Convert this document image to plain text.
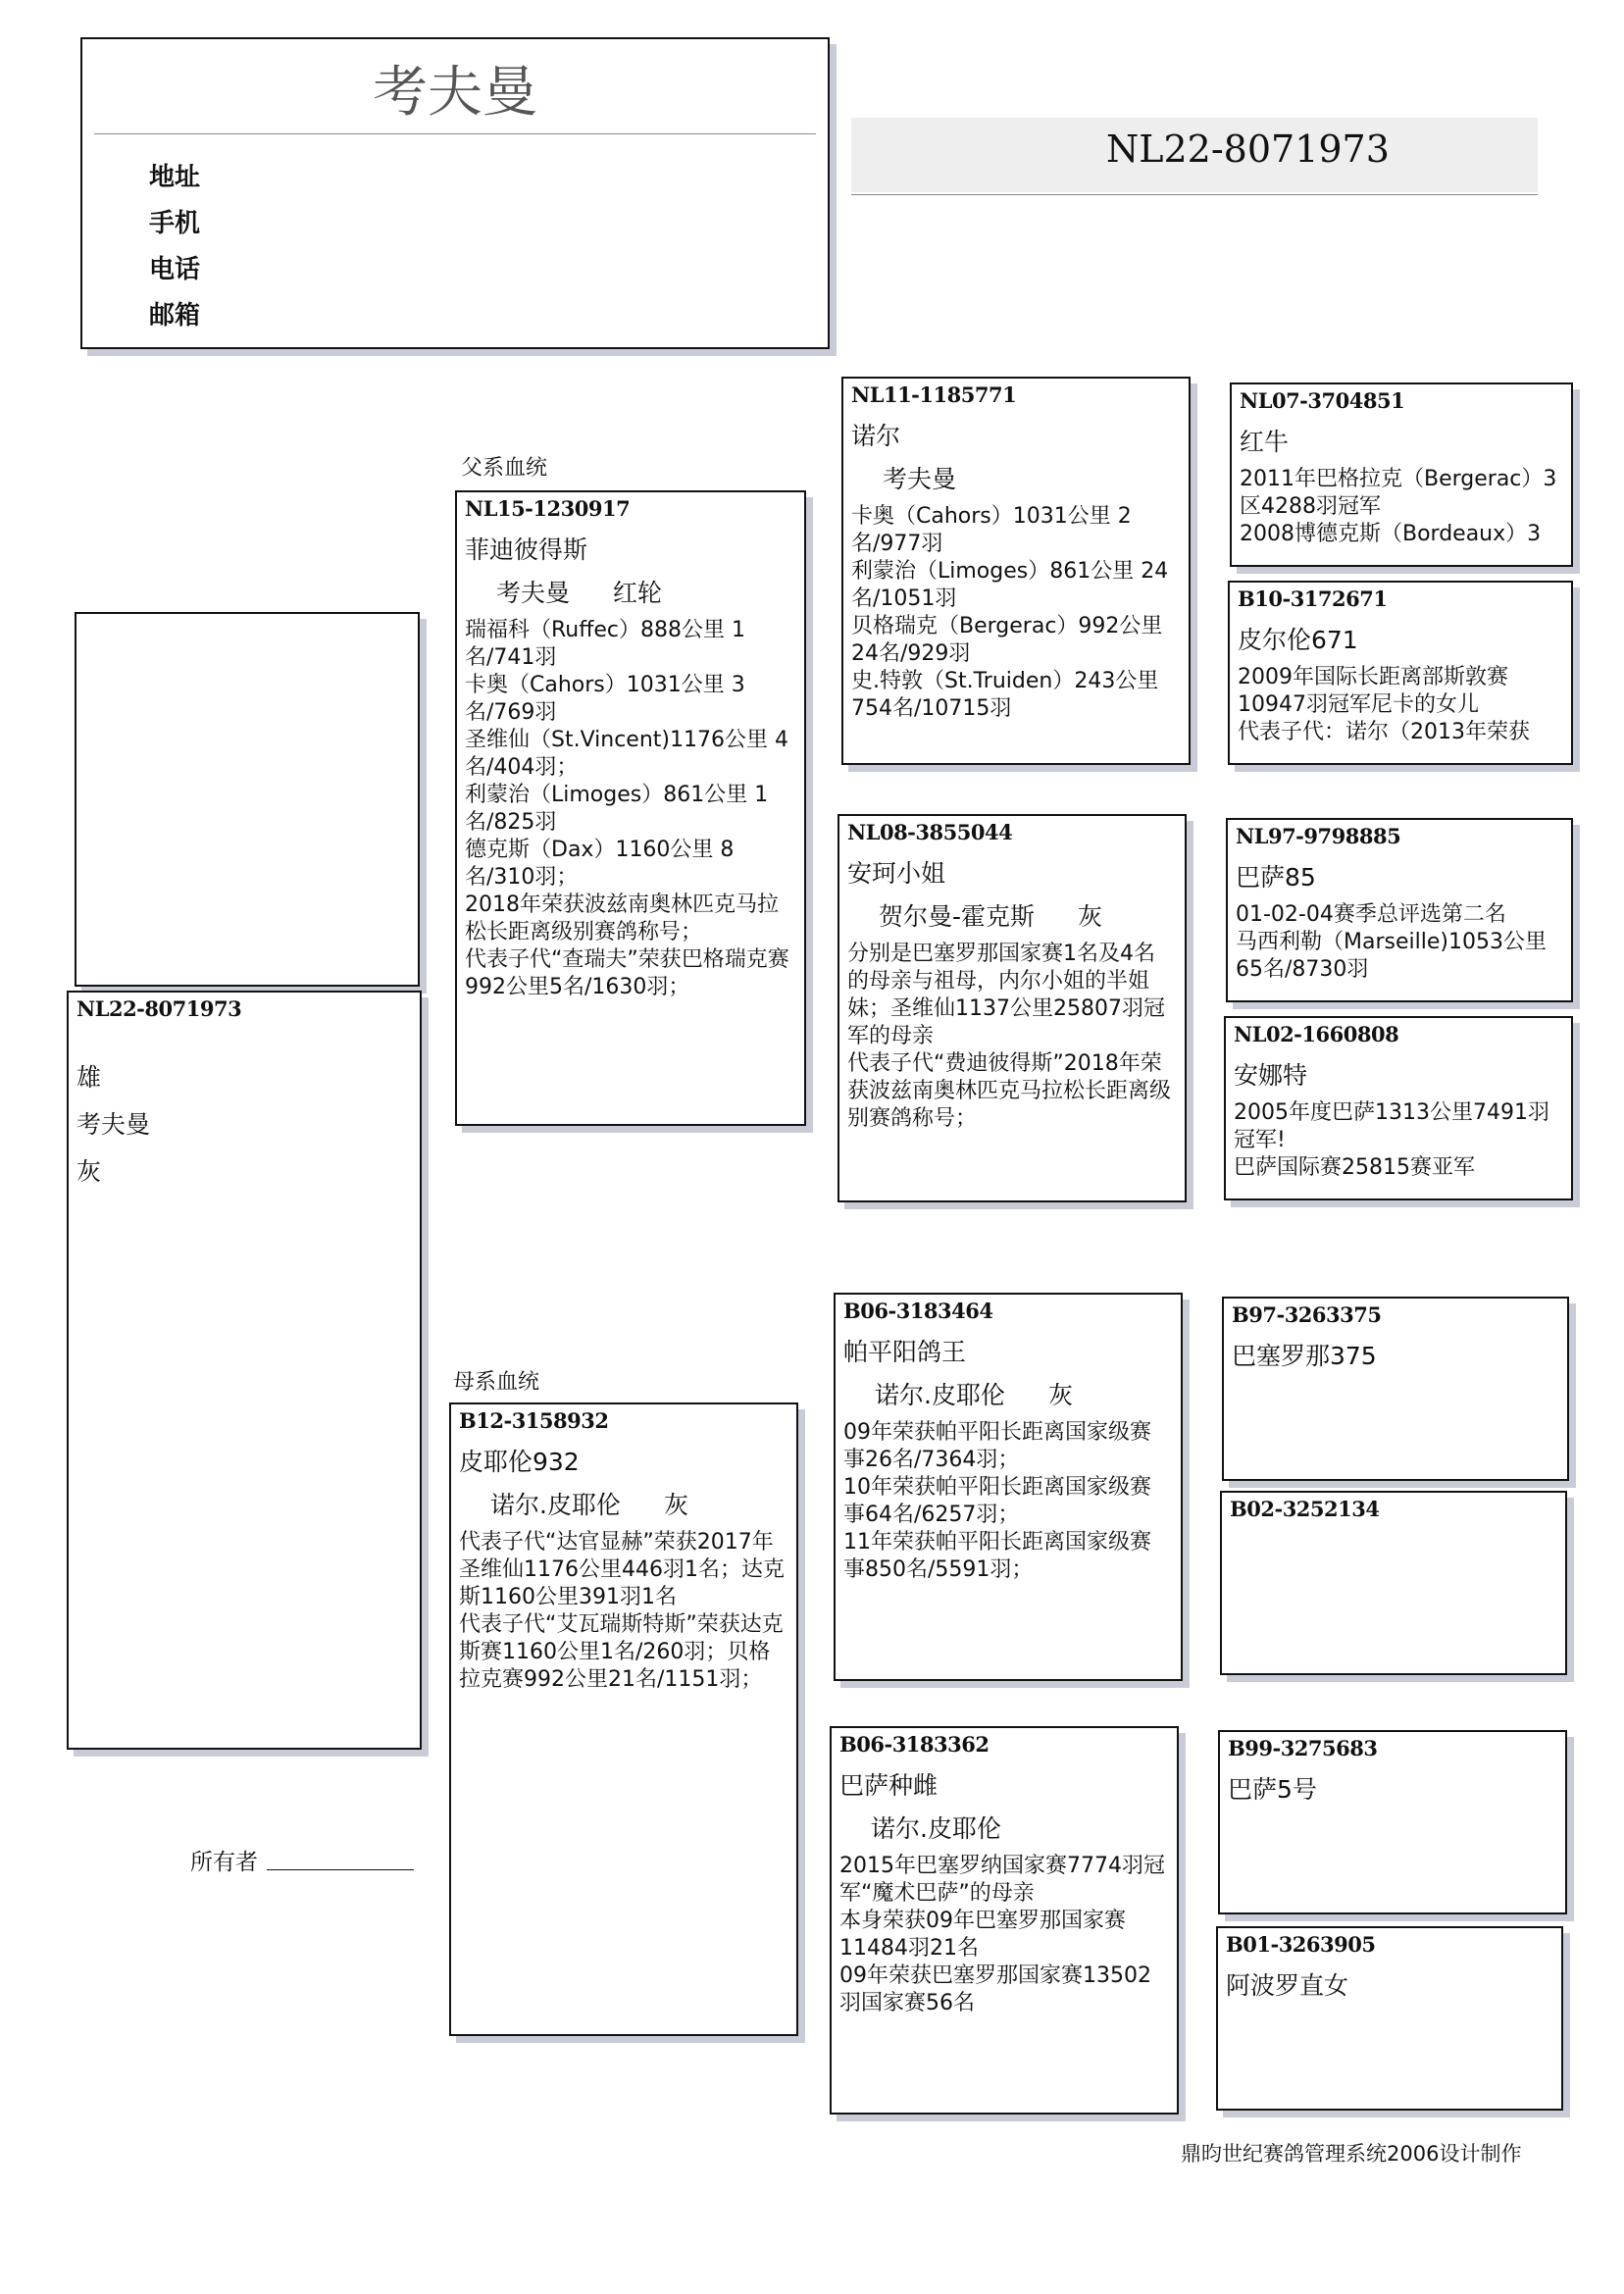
考夫曼
地址
手机
电话
邮箱
NL22-8071973
NL22-8071973
雄
考夫曼
灰
父系血统
母系血统
NL15-1230917
菲迪彼得斯
考夫曼 红轮
瑞福科（Ruffec）888公里 1名/741羽
卡奥（Cahors）1031公里 3名/769羽
圣维仙（St.Vincent)1176公里 4名/404羽；
利蒙治（Limoges）861公里 1名/825羽
德克斯（Dax）1160公里 8名/310羽；
2018年荣获波兹南奥林匹克马拉松长距离级别赛鸽称号；
代表子代“查瑞夫”荣获巴格瑞克赛992公里5名/1630羽；
B12-3158932
皮耶伦932
诺尔.皮耶伦 灰
代表子代“达官显赫”荣获2017年圣维仙1176公里446羽1名；达克斯1160公里391羽1名
代表子代“艾瓦瑞斯特斯”荣获达克斯赛1160公里1名/260羽；贝格拉克赛992公里21名/1151羽；
NL11-1185771
诺尔
考夫曼
卡奥（Cahors）1031公里 2名/977羽
利蒙治（Limoges）861公里 24名/1051羽
贝格瑞克（Bergerac）992公里 24名/929羽
史.特敦（St.Truiden）243公里 754名/10715羽
NL08-3855044
安珂小姐
贺尔曼-霍克斯 灰
分别是巴塞罗那国家赛1名及4名的母亲与祖母，内尔小姐的半姐妹；圣维仙1137公里25807羽冠军的母亲
代表子代“费迪彼得斯”2018年荣获波兹南奥林匹克马拉松长距离级别赛鸽称号；
B06-3183464
帕平阳鸽王
诺尔.皮耶伦 灰
09年荣获帕平阳长距离国家级赛事26名/7364羽；
10年荣获帕平阳长距离国家级赛事64名/6257羽；
11年荣获帕平阳长距离国家级赛事850名/5591羽；
B06-3183362
巴萨种雌
诺尔.皮耶伦
2015年巴塞罗纳国家赛7774羽冠军“魔术巴萨”的母亲
本身荣获09年巴塞罗那国家赛11484羽21名
09年荣获巴塞罗那国家赛13502羽国家赛56名
NL07-3704851
红牛
2011年巴格拉克（Bergerac）3区4288羽冠军
2008博德克斯（Bordeaux）3
B10-3172671
皮尔伦671
2009年国际长距离部斯敦赛10947羽冠军尼卡的女儿
代表子代：诺尔（2013年荣获
NL97-9798885
巴萨85
01-02-04赛季总评选第二名
马西利勒（Marseille)1053公里 65名/8730羽
NL02-1660808
安娜特
2005年度巴萨1313公里7491羽冠军!
巴萨国际赛25815赛亚军
B97-3263375
巴塞罗那375
B02-3252134
B99-3275683
巴萨5号
B01-3263905
阿波罗直女
所有者
鼎昀世纪赛鸽管理系统2006设计制作
